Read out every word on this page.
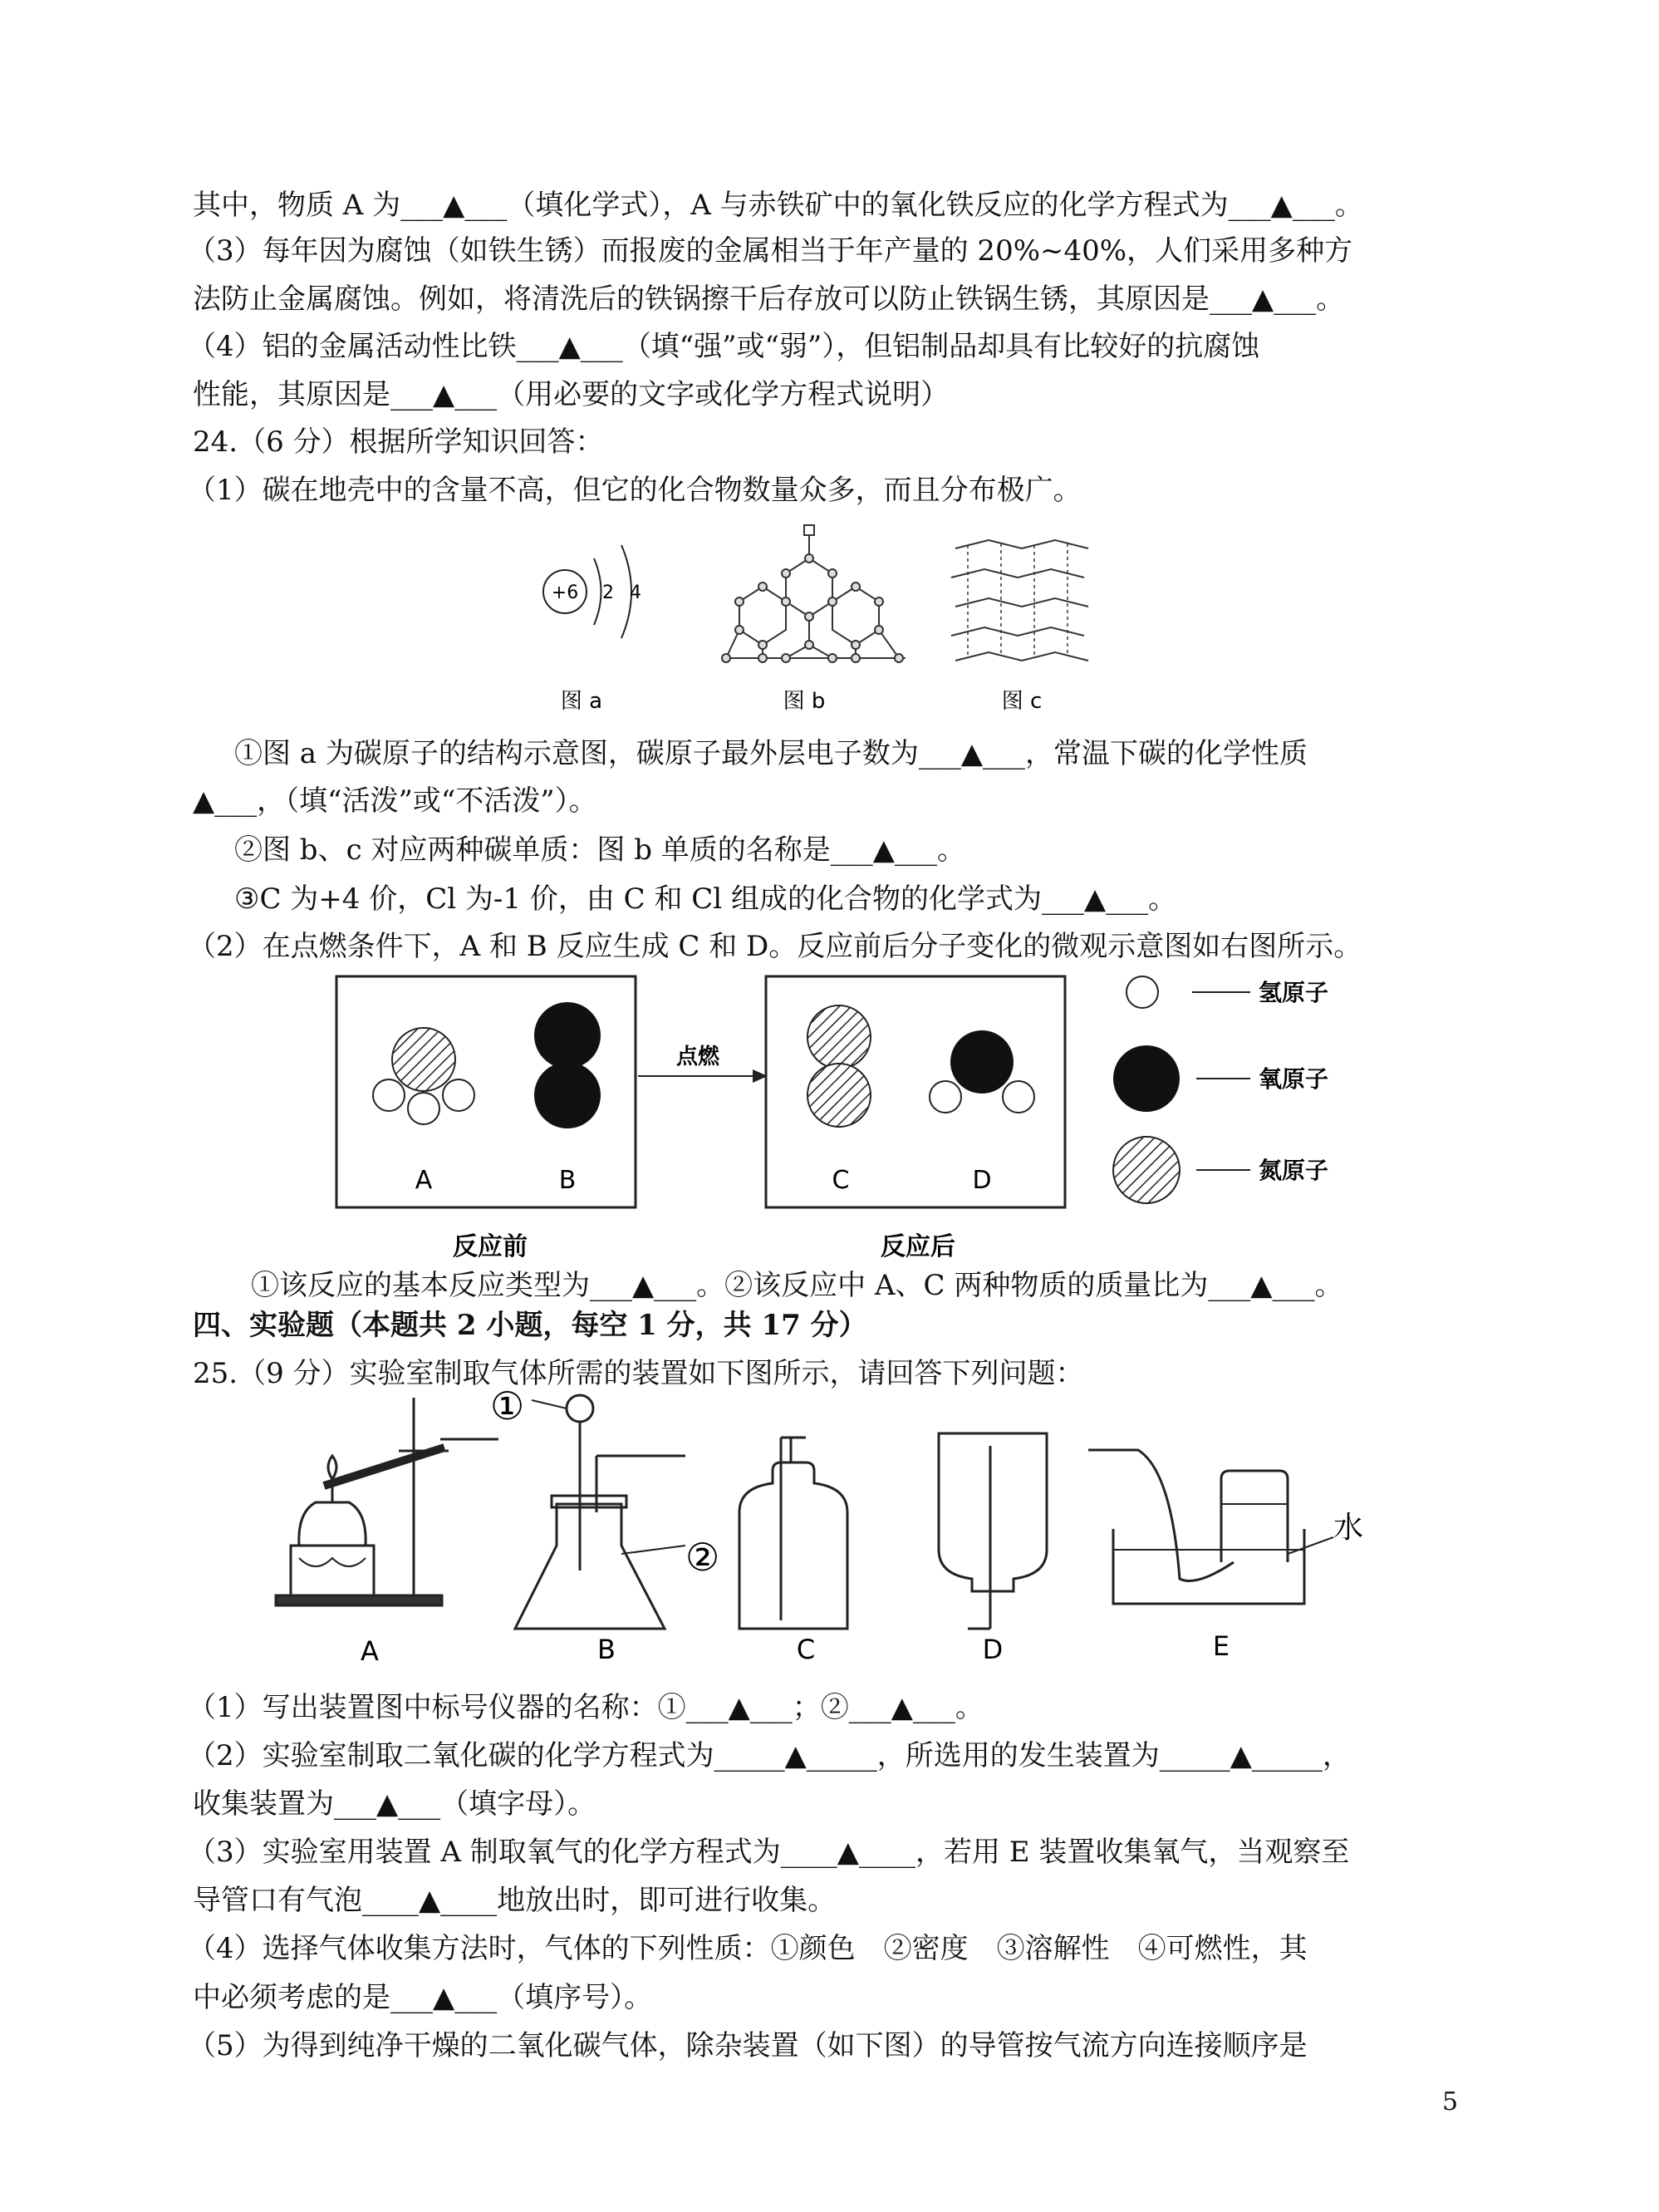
其中，物质 A 为___▲___（填化学式），A 与赤铁矿中的氧化铁反应的化学方程式为___▲___。
（3）每年因为腐蚀（如铁生锈）而报废的金属相当于年产量的 20%~40%，人们采用多种方
法防止金属腐蚀。例如，将清洗后的铁锅擦干后存放可以防止铁锅生锈，其原因是___▲___。
（4）铝的金属活动性比铁___▲___（填“强”或“弱”），但铝制品却具有比较好的抗腐蚀
性能，其原因是___▲___（用必要的文字或化学方程式说明）
24.（6 分）根据所学知识回答：
（1）碳在地壳中的含量不高，但它的化合物数量众多，而且分布极广。
+6 2 4
图 a	图 b	图 c
①图 a 为碳原子的结构示意图，碳原子最外层电子数为___▲___，常温下碳的化学性质
▲___，（填“活泼”或“不活泼”）。
②图 b、c 对应两种碳单质：图 b 单质的名称是___▲___。
③C 为+4 价，Cl 为-1 价，由 C 和 Cl 组成的化合物的化学式为___▲___。
（2）在点燃条件下，A 和 B 反应生成 C 和 D。反应前后分子变化的微观示意图如右图所示。
A	B
点燃
C	D
反应前	反应后
氢原子
氧原子
氮原子
①该反应的基本反应类型为___▲___。②该反应中 A、C 两种物质的质量比为___▲___。
四、实验题（本题共 2 小题，每空 1 分，共 17 分）
25.（9 分）实验室制取气体所需的装置如下图所示，请回答下列问题：
①
②
水
A	B	C	D	E
（1）写出装置图中标号仪器的名称：①___▲___；②___▲___。
（2）实验室制取二氧化碳的化学方程式为_____▲_____，所选用的发生装置为_____▲_____，
收集装置为___▲___（填字母）。
（3）实验室用装置 A 制取氧气的化学方程式为____▲____，若用 E 装置收集氧气，当观察至
导管口有气泡____▲____地放出时，即可进行收集。
（4）选择气体收集方法时，气体的下列性质：①颜色　②密度　③溶解性　④可燃性，其
中必须考虑的是___▲___（填序号）。
（5）为得到纯净干燥的二氧化碳气体，除杂装置（如下图）的导管按气流方向连接顺序是
5
